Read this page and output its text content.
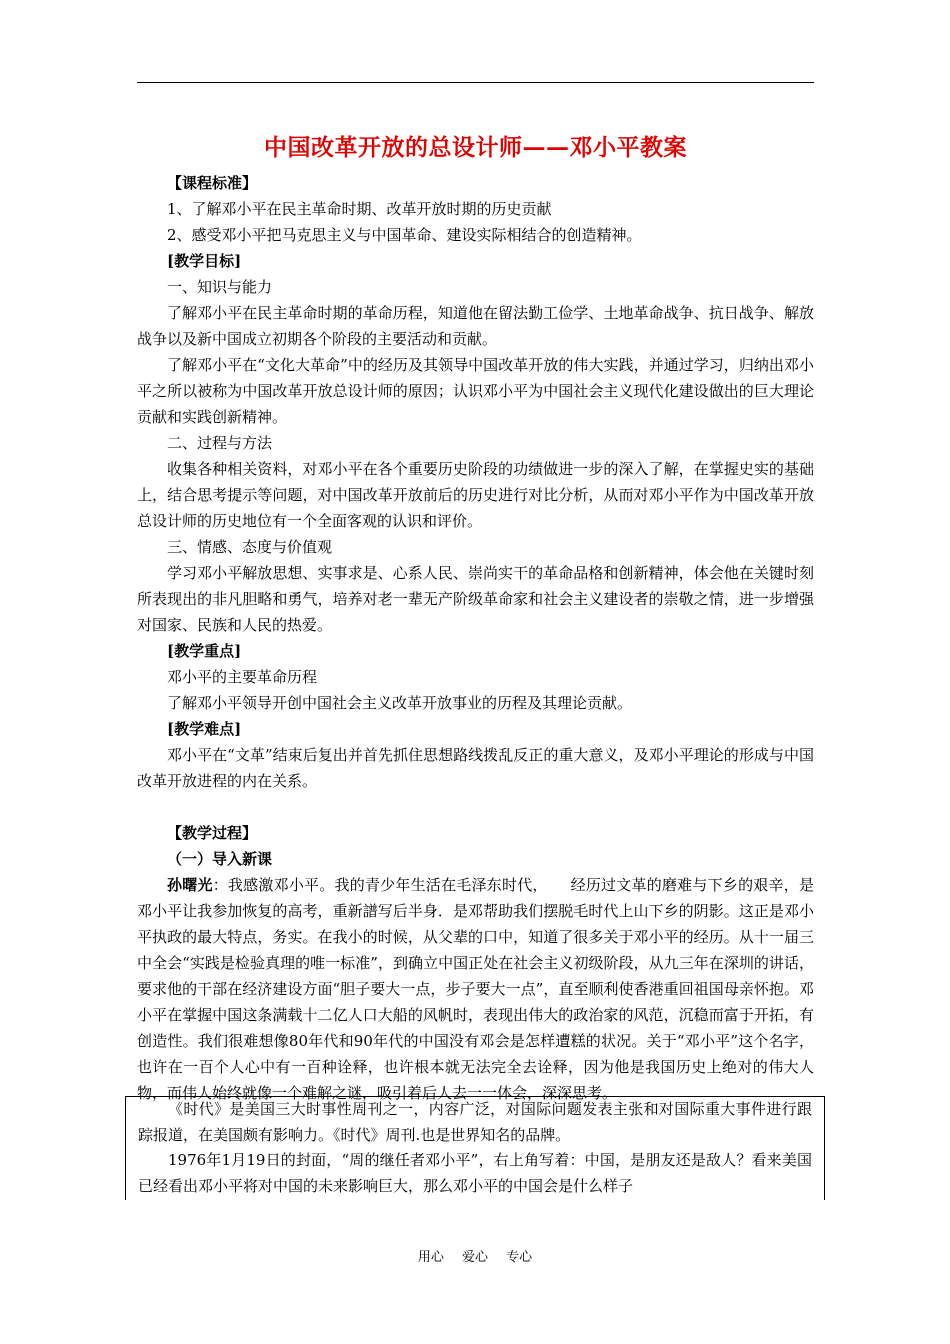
中国改革开放的总设计师——邓小平教案

【课程标准】

1、了解邓小平在民主革命时期、改革开放时期的历史贡献

2、感受邓小平把马克思主义与中国革命、建设实际相结合的创造精神。

[教学目标]

一、知识与能力

了解邓小平在民主革命时期的革命历程，知道他在留法勤工俭学、土地革命战争、抗日战争、解放战争以及新中国成立初期各个阶段的主要活动和贡献。

了解邓小平在“文化大革命”中的经历及其领导中国改革开放的伟大实践，并通过学习，归纳出邓小平之所以被称为中国改革开放总设计师的原因；认识邓小平为中国社会主义现代化建设做出的巨大理论贡献和实践创新精神。

二、过程与方法

收集各种相关资料，对邓小平在各个重要历史阶段的功绩做进一步的深入了解，在掌握史实的基础上，结合思考提示等问题，对中国改革开放前后的历史进行对比分析，从而对邓小平作为中国改革开放总设计师的历史地位有一个全面客观的认识和评价。

三、情感、态度与价值观

学习邓小平解放思想、实事求是、心系人民、崇尚实干的革命品格和创新精神，体会他在关键时刻所表现出的非凡胆略和勇气，培养对老一辈无产阶级革命家和社会主义建设者的崇敬之情，进一步增强对国家、民族和人民的热爱。

[教学重点]

邓小平的主要革命历程

了解邓小平领导开创中国社会主义改革开放事业的历程及其理论贡献。

[教学难点]

邓小平在“文革”结束后复出并首先抓住思想路线拨乱反正的重大意义，及邓小平理论的形成与中国改革开放进程的内在关系。

【教学过程】

（一）导入新课

孙曙光：我感激邓小平。我的青少年生活在毛泽东时代，　　经历过文革的磨难与下乡的艰辛，是邓小平让我参加恢复的高考，重新譜写后半身．是邓帮助我们摆脱毛时代上山下乡的阴影。这正是邓小平执政的最大特点，务实。在我小的时候，从父辈的口中，知道了很多关于邓小平的经历。从十一届三中全会“实践是检验真理的唯一标准”，到确立中国正处在社会主义初级阶段，从九三年在深圳的讲话，要求他的干部在经济建设方面“胆子要大一点，步子要大一点”，直至顺利使香港重回祖国母亲怀抱。邓小平在掌握中国这条满载十二亿人口大船的风帆时，表现出伟大的政治家的风范，沉稳而富于开拓，有创造性。我们很难想像80年代和90年代的中国没有邓会是怎样遭糕的状况。关于“邓小平”这个名字，也许在一百个人心中有一百种诠释，也许根本就无法完全去诠释，因为他是我国历史上绝对的伟大人物，而伟人始终就像一个难解之谜，吸引着后人去一一体会，深深思考。

《时代》是美国三大时事性周刊之一，内容广泛，对国际问题发表主张和对国际重大事件进行跟踪报道，在美国颇有影响力。《时代》周刊.也是世界知名的品牌。

1976年1月19日的封面，“周的继任者邓小平”，右上角写着：中国，是朋友还是敌人？看来美国已经看出邓小平将对中国的未来影响巨大，那么邓小平的中国会是什么样子

用心 爱心 专心
